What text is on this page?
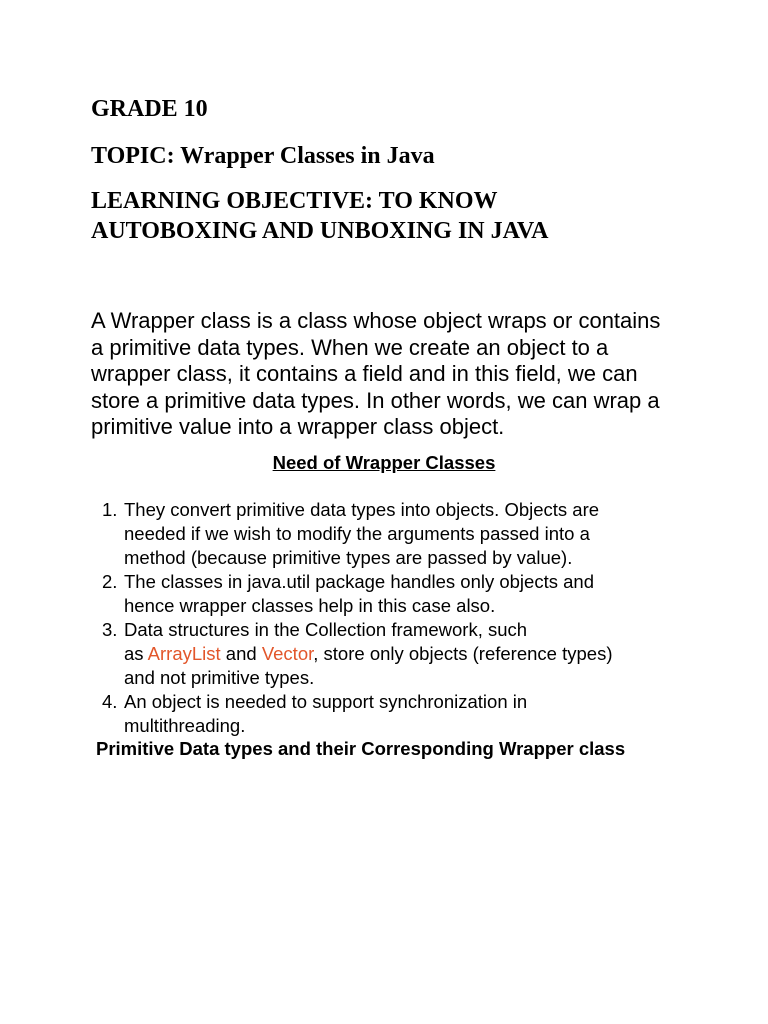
GRADE 10
TOPIC: Wrapper Classes in Java
LEARNING OBJECTIVE: TO KNOW
AUTOBOXING AND UNBOXING IN JAVA

A Wrapper class is a class whose object wraps or contains
a primitive data types. When we create an object to a
wrapper class, it contains a field and in this field, we can
store a primitive data types. In other words, we can wrap a
primitive value into a wrapper class object.

Need of Wrapper Classes
1. They convert primitive data types into objects. Objects are
needed if we wish to modify the arguments passed into a
method (because primitive types are passed by value).
2. The classes in java.util package handles only objects and
hence wrapper classes help in this case also.
3. Data structures in the Collection framework, such
as ArrayList and Vector, store only objects (reference types)
and not primitive types.
4. An object is needed to support synchronization in
multithreading.
Primitive Data types and their Corresponding Wrapper class
